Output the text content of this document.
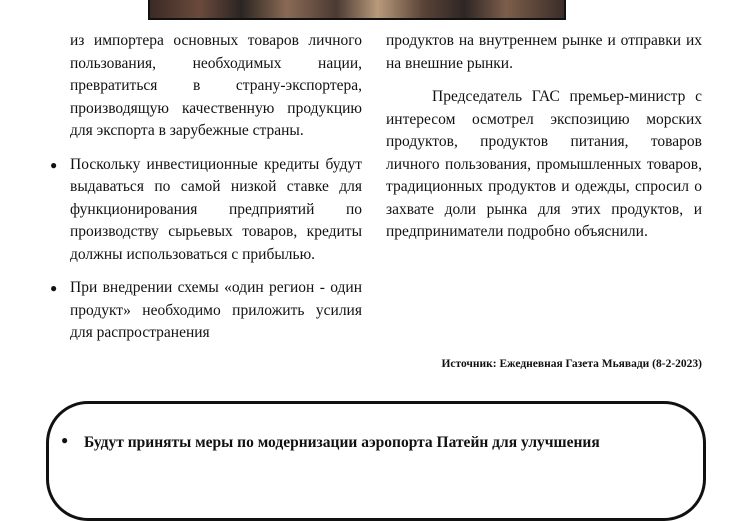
из импортера основных товаров личного пользования, необходимых нации, превратиться в страну-экспортера, производящую качественную продукцию для экспорта в зарубежные страны.

● Поскольку инвестиционные кредиты будут выдаваться по самой низкой ставке для функционирования предприятий по производству сырьевых товаров, кредиты должны использоваться с прибылью.
● При внедрении схемы «один регион - один продукт» необходимо приложить усилия для распространения

продуктов на внутреннем рынке и отправки их на внешние рынки.

Председатель ГАС премьер-министр с интересом осмотрел экспозицию морских продуктов, продуктов питания, товаров личного пользования, промышленных товаров, традиционных продуктов и одежды, спросил о захвате доли рынка для этих продуктов, и предприниматели подробно объяснили.

Источник: Ежедневная Газета Мьявади (8-2-2023)
● Будут приняты меры по модернизации аэропорта Патейн для улучшения
